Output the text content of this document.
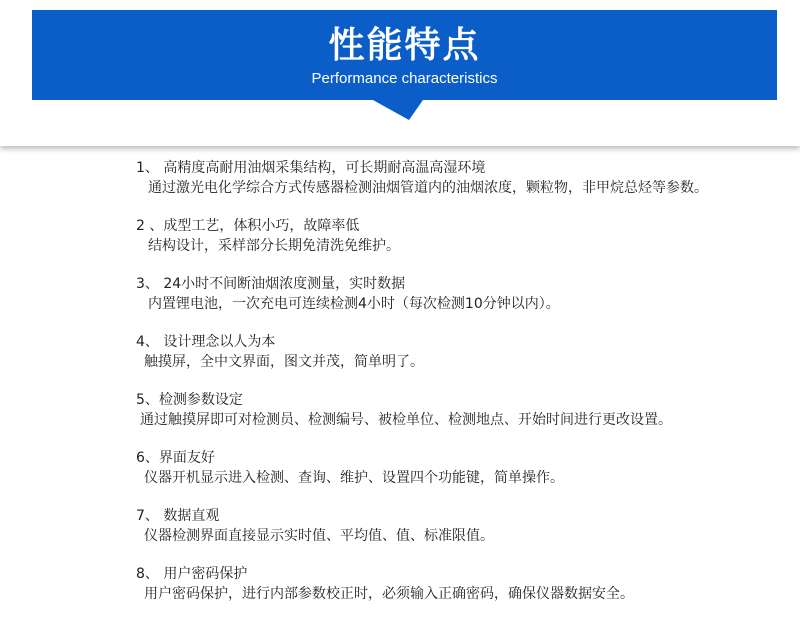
性能特点
Performance characteristics
1、 高精度高耐用油烟采集结构，可长期耐高温高湿环境
通过激光电化学综合方式传感器检测油烟管道内的油烟浓度，颗粒物，非甲烷总烃等参数。
2 、成型工艺，体积小巧，故障率低
结构设计，采样部分长期免清洗免维护。
3、 24小时不间断油烟浓度测量，实时数据
内置锂电池，一次充电可连续检测4小时（每次检测10分钟以内）。
4、 设计理念以人为本
触摸屏，全中文界面，图文并茂，简单明了。
5、检测参数设定
通过触摸屏即可对检测员、检测编号、被检单位、检测地点、开始时间进行更改设置。
6、界面友好
仪器开机显示进入检测、查询、维护、设置四个功能键，简单操作。
7、 数据直观
仪器检测界面直接显示实时值、平均值、值、标准限值。
8、 用户密码保护
用户密码保护，进行内部参数校正时，必须输入正确密码，确保仪器数据安全。
